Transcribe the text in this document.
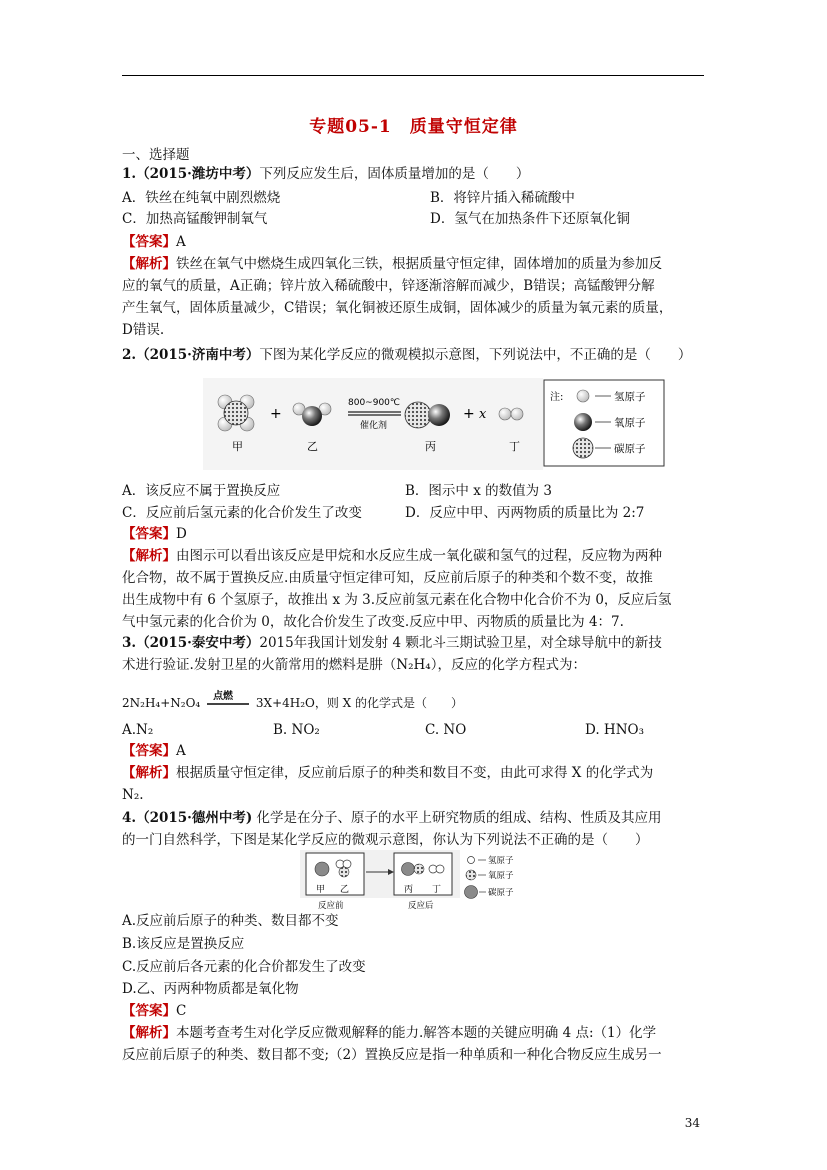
专题05-1　质量守恒定律
一、选择题
1.（2015·潍坊中考）下列反应发生后，固体质量增加的是（　　）
A．铁丝在纯氧中剧烈燃烧	B．将锌片插入稀硫酸中
C．加热高锰酸钾制氧气	D．氢气在加热条件下还原氧化铜
【答案】A
【解析】铁丝在氧气中燃烧生成四氧化三铁，根据质量守恒定律，固体增加的质量为参加反
应的氧气的质量，A正确；锌片放入稀硫酸中，锌逐渐溶解而减少，B错误；高锰酸钾分解
产生氧气，固体质量减少，C错误；氧化铜被还原生成铜，固体减少的质量为氧元素的质量，
D错误.
2.（2015·济南中考）下图为某化学反应的微观模拟示意图，下列说法中，不正确的是（　　）
甲
+
乙
800~900℃
催化剂
丙
+ x
丁
注:	氢原子
氧原子
碳原子
A．该反应不属于置换反应	B．图示中 x 的数值为 3
C．反应前后氢元素的化合价发生了改变	D．反应中甲、丙两物质的质量比为 2:7
【答案】D
【解析】由图示可以看出该反应是甲烷和水反应生成一氧化碳和氢气的过程，反应物为两种
化合物，故不属于置换反应.由质量守恒定律可知，反应前后原子的种类和个数不变，故推
出生成物中有 6 个氢原子，故推出 x 为 3.反应前氢元素在化合物中化合价不为 0，反应后氢
气中氢元素的化合价为 0，故化合价发生了改变.反应中甲、丙物质的质量比为 4：7.
3.（2015·泰安中考）2015年我国计划发射 4 颗北斗三期试验卫星，对全球导航中的新技
术进行验证.发射卫星的火箭常用的燃料是肼（N₂H₄），反应的化学方程式为：
2N₂H₄+N₂O₄ 点燃 3X+4H₂O，则 X 的化学式是（　　）
A.N₂	B. NO₂	C. NO	D. HNO₃
【答案】A
【解析】根据质量守恒定律，反应前后原子的种类和数目不变，由此可求得 X 的化学式为
N₂.
4.（2015·德州中考) 化学是在分子、原子的水平上研究物质的组成、结构、性质及其应用
的一门自然科学，下图是某化学反应的微观示意图，你认为下列说法不正确的是（　　）
甲 乙	丙 丁
反应前	反应后
氢原子
氧原子
碳原子
A.反应前后原子的种类、数目都不变
B.该反应是置换反应
C.反应前后各元素的化合价都发生了改变
D.乙、丙两种物质都是氧化物
【答案】C
【解析】本题考查考生对化学反应微观解释的能力.解答本题的关键应明确 4 点:（1）化学
反应前后原子的种类、数目都不变;（2）置换反应是指一种单质和一种化合物反应生成另一
34
